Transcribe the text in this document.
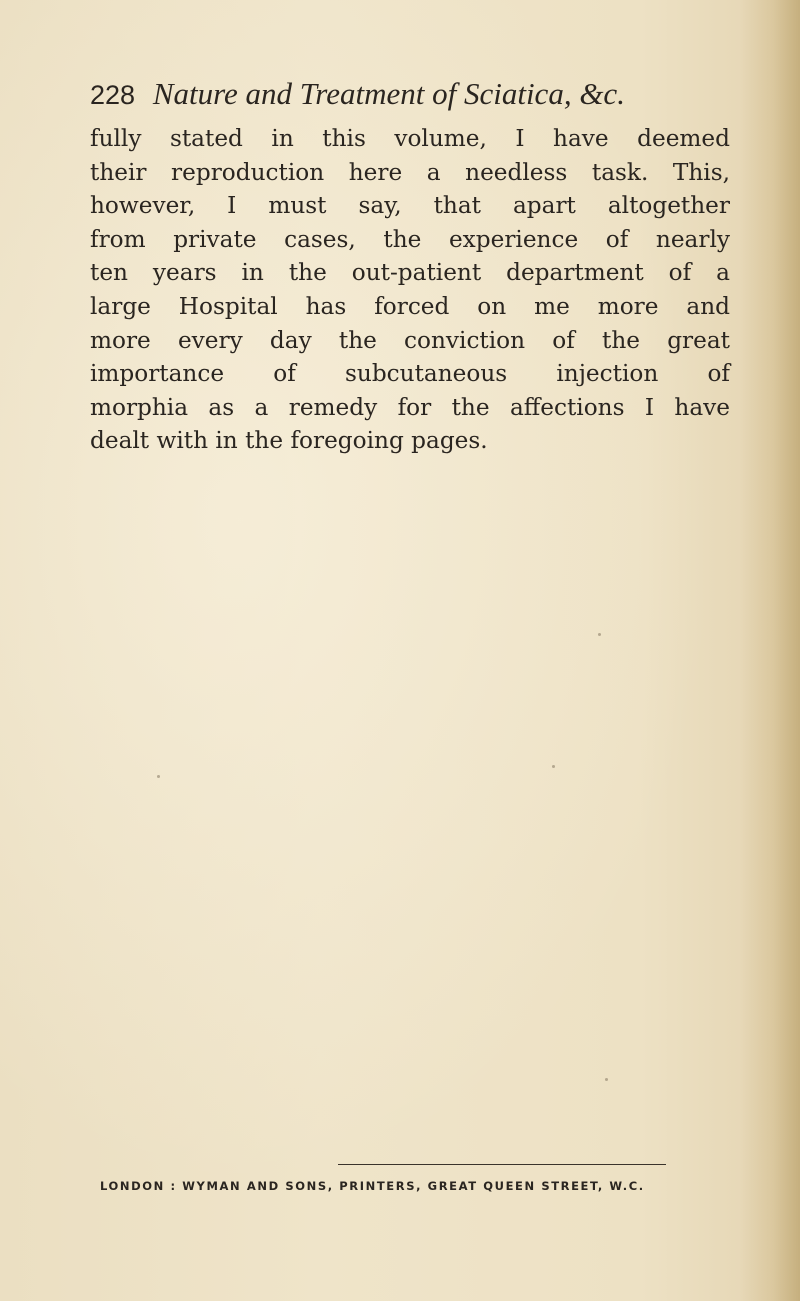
228 Nature and Treatment of Sciatica, &c.
fully stated in this volume, I have deemed
their reproduction here a needless task. This,
however, I must say, that apart altogether
from private cases, the experience of nearly
ten years in the out-patient department of a
large Hospital has forced on me more and
more every day the conviction of the great
importance of subcutaneous injection of
morphia as a remedy for the affections I have
dealt with in the foregoing pages.
LONDON : WYMAN AND SONS, PRINTERS, GREAT QUEEN STREET, W.C.
